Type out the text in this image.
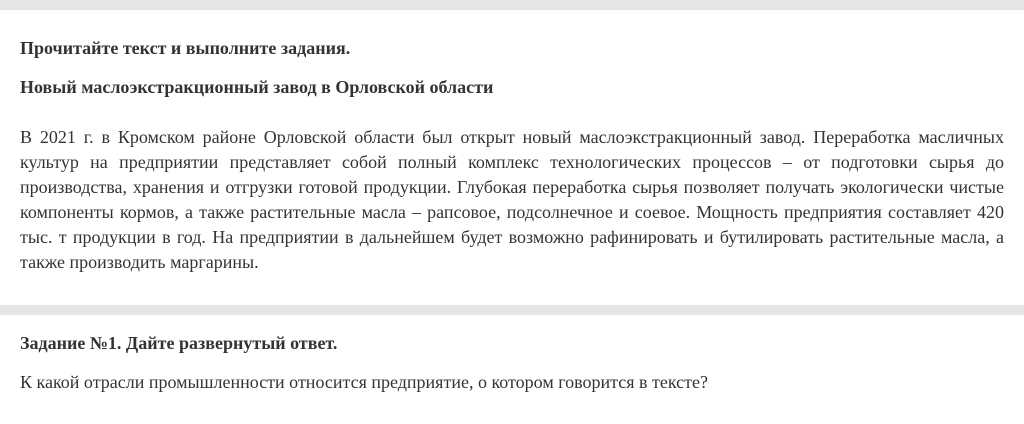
Прочитайте текст и выполните задания.

Новый маслоэкстракционный завод в Орловской области

В 2021 г. в Кромском районе Орловской области был открыт новый маслоэкстракционный завод. Переработка масличных культур на предприятии представляет собой полный комплекс технологических процессов – от подготовки сырья до производства, хранения и отгрузки готовой продукции. Глубокая переработка сырья позволяет получать экологически чистые компоненты кормов, а также растительные масла – рапсовое, подсолнечное и соевое. Мощность предприятия составляет 420 тыс. т продукции в год. На предприятии в дальнейшем будет возможно рафинировать и бутилировать растительные масла, а также производить маргарины.

Задание №1. Дайте развернутый ответ.

К какой отрасли промышленности относится предприятие, о котором говорится в тексте?
